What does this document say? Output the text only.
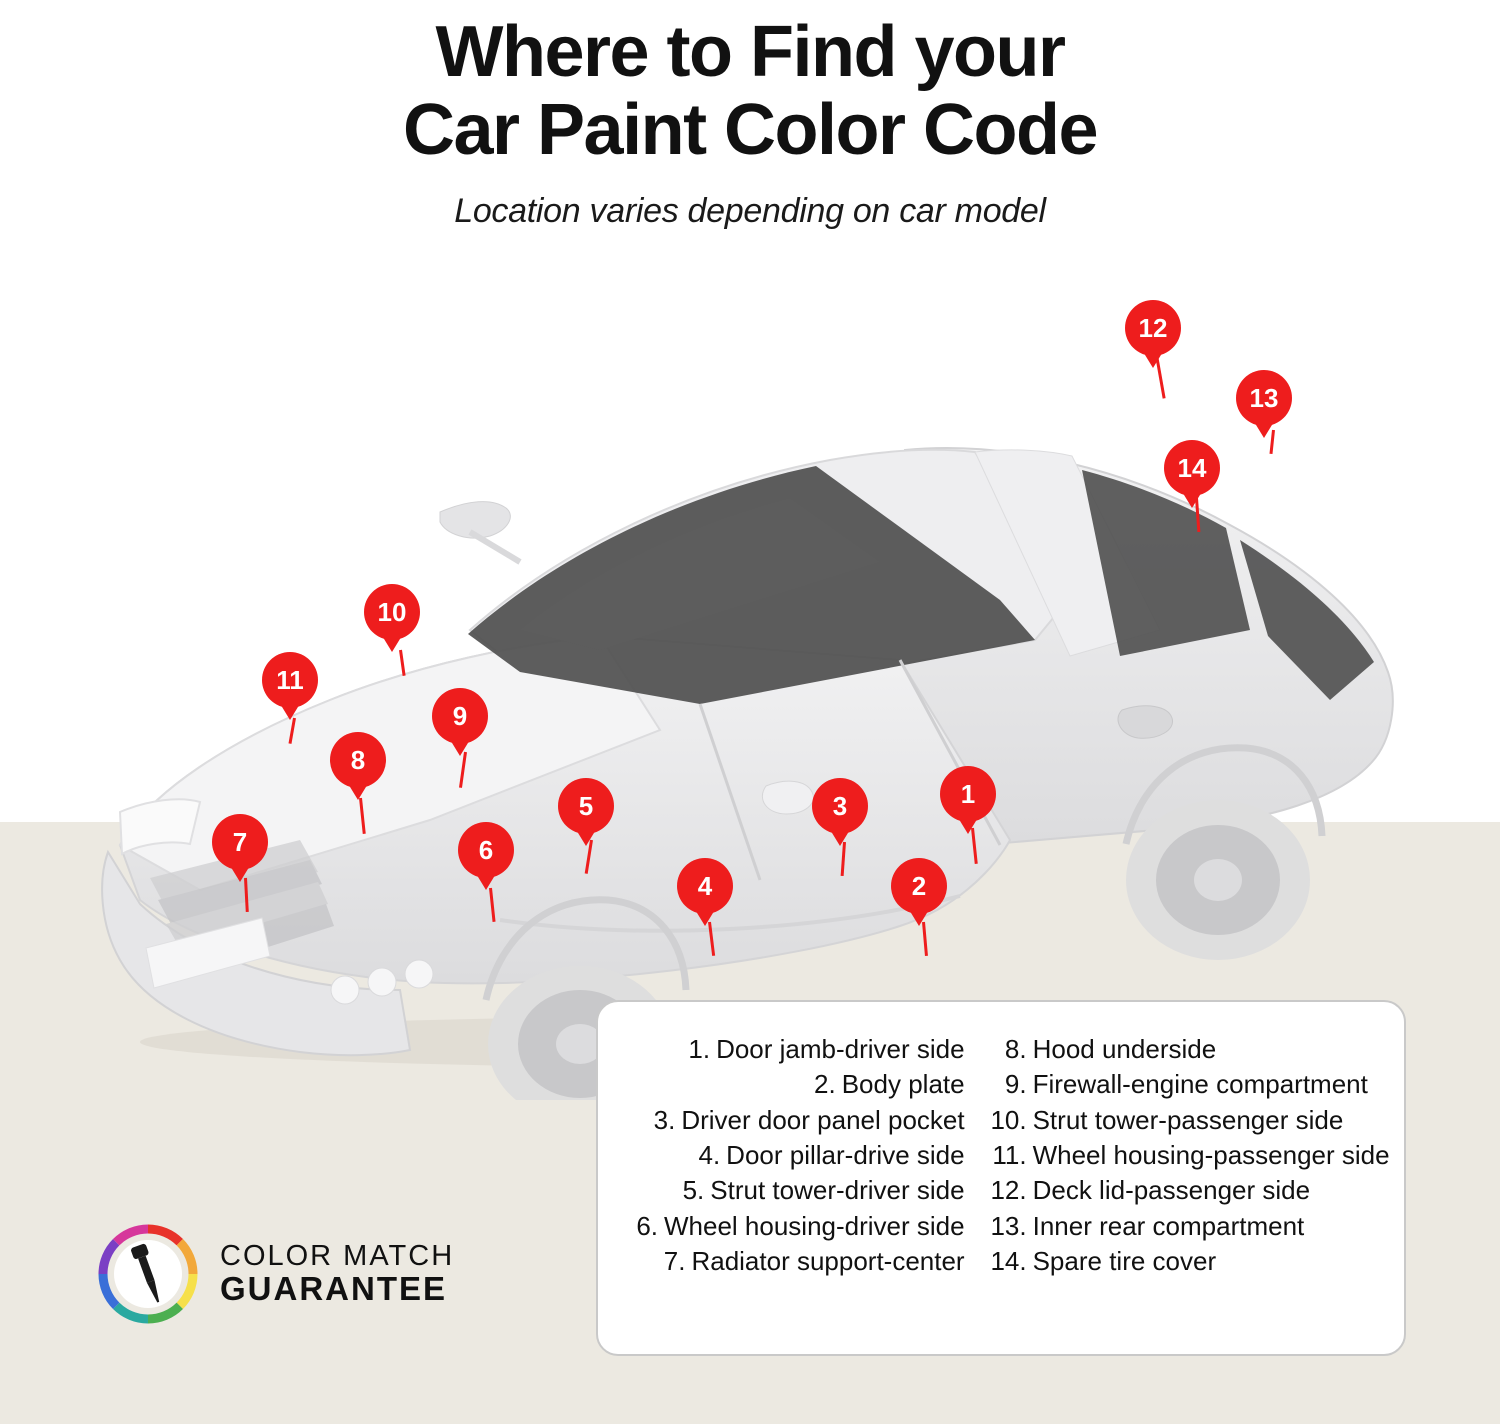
Where to Find your
Car Paint Color Code
Location varies depending on car model
12
13
14
10
11
9
8
5
7	6
3	1
4	2
1. Door jamb-driver side
2. Body plate
3. Driver door panel pocket
4. Door pillar-drive side
5. Strut tower-driver side
6. Wheel housing-driver side
7. Radiator support-center
8. Hood underside
9. Firewall-engine compartment
10. Strut tower-passenger side
11. Wheel housing-passenger side
12. Deck lid-passenger side
13. Inner rear compartment
14. Spare tire cover
COLOR MATCH
GUARANTEE
